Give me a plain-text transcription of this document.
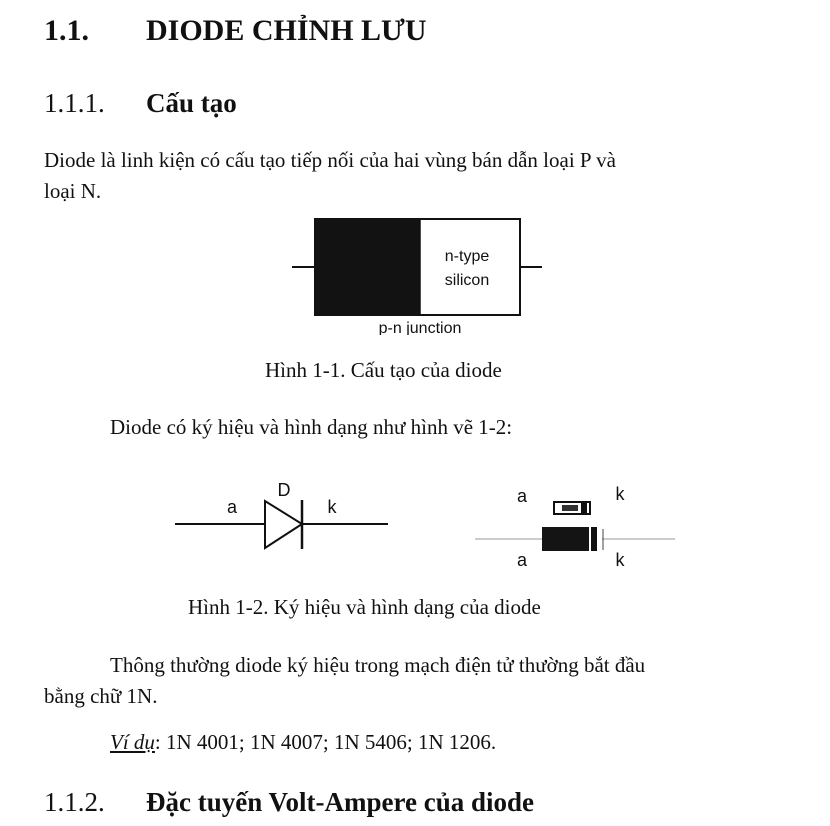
1.1. DIODE CHỈNH LƯU
1.1.1. Cấu tạo
Diode là linh kiện có cấu tạo tiếp nối của hai vùng bán dẫn loại P và
loại N.
n-type
silicon
p-n junction
Hình 1-1. Cấu tạo của diode
Diode có ký hiệu và hình dạng như hình vẽ 1-2:
a
D
k
a	k
a	k
Hình 1-2. Ký hiệu và hình dạng của diode
Thông thường diode ký hiệu trong mạch điện tử thường bắt đầu
bằng chữ 1N.
Ví dụ: 1N 4001; 1N 4007; 1N 5406; 1N 1206.
1.1.2. Đặc tuyến Volt-Ampere của diode
